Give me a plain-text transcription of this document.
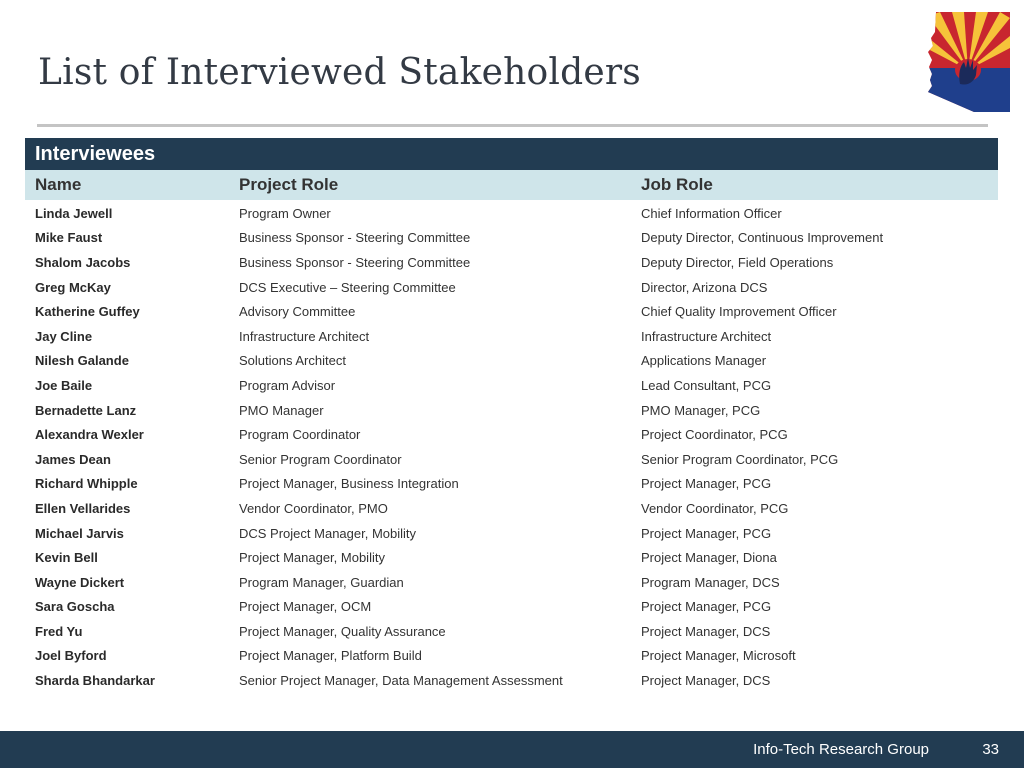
List of Interviewed Stakeholders
Interviewees
Name	Project Role	Job Role
Linda Jewell	Program Owner	Chief Information Officer
Mike Faust	Business Sponsor - Steering Committee	Deputy Director, Continuous Improvement
Shalom Jacobs	Business Sponsor - Steering Committee	Deputy Director, Field Operations
Greg McKay	DCS Executive – Steering Committee	Director, Arizona DCS
Katherine Guffey	Advisory Committee	Chief Quality Improvement Officer
Jay Cline	Infrastructure Architect	Infrastructure Architect
Nilesh Galande	Solutions Architect	Applications Manager
Joe Baile	Program Advisor	Lead Consultant, PCG
Bernadette Lanz	PMO Manager	PMO Manager, PCG
Alexandra Wexler	Program Coordinator	Project Coordinator, PCG
James Dean	Senior Program Coordinator	Senior Program Coordinator, PCG
Richard Whipple	Project Manager, Business Integration	Project Manager, PCG
Ellen Vellarides	Vendor Coordinator, PMO	Vendor Coordinator, PCG
Michael Jarvis	DCS Project Manager, Mobility	Project Manager, PCG
Kevin Bell	Project Manager, Mobility	Project Manager, Diona
Wayne Dickert	Program Manager, Guardian	Program Manager, DCS
Sara Goscha	Project Manager, OCM	Project Manager, PCG
Fred Yu	Project Manager, Quality Assurance	Project Manager, DCS
Joel Byford	Project Manager, Platform Build	Project Manager, Microsoft
Sharda Bhandarkar	Senior Project Manager, Data Management Assessment	Project Manager, DCS
Info-Tech Research Group	33
